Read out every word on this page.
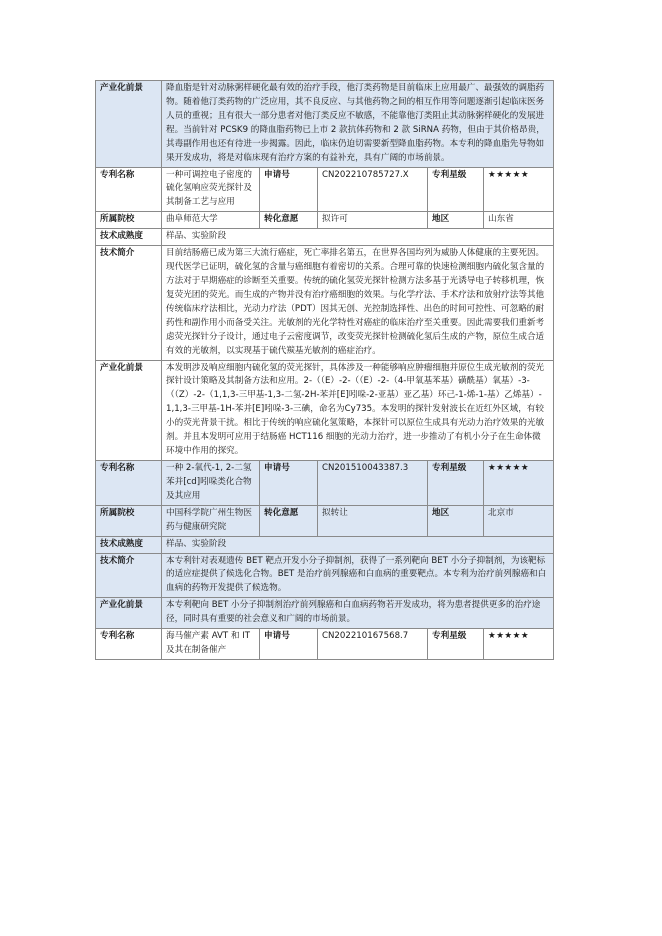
产业化前景	降血脂是针对动脉粥样硬化最有效的治疗手段，他汀类药物是目前临床上应用最广、最强效的调脂药物。随着他汀类药物的广泛应用，其不良反应、与其他药物之间的相互作用等问题逐渐引起临床医务人员的重视；且有很大一部分患者对他汀类反应不敏感，不能靠他汀类阻止其动脉粥样硬化的发展进程。当前针对 PCSK9 的降血脂药物已上市 2 款抗体药物和 2 款 SiRNA 药物，但由于其价格昂贵，其毒副作用也还有待进一步揭露。因此，临床仍迫切需要新型降血脂药物。本专利的降血脂先导物如果开发成功，将是对临床现有治疗方案的有益补充，具有广阔的市场前景。				
专利名称	一种可调控电子密度的硫化氢响应荧光探针及其制备工艺与应用	申请号	CN202210785727.X	专利星级	★★★★★
所属院校	曲阜师范大学	转化意愿	拟许可	地区	山东省
技术成熟度	样品、实验阶段				
技术简介	目前结肠癌已成为第三大流行癌症，死亡率排名第五，在世界各国均列为威胁人体健康的主要死因。现代医学已证明，硫化氢的含量与癌细胞有着密切的关系。合理可靠的快速检测细胞内硫化氢含量的方法对于早期癌症的诊断至关重要。传统的硫化氢荧光探针检测方法多基于光诱导电子转移机理，恢复荧光团的荧光。而生成的产物并没有治疗癌细胞的效果。与化学疗法、手术疗法和放射疗法等其他传统临床疗法相比，光动力疗法（PDT）因其无创、光控制选择性、出色的时间可控性、可忽略的耐药性和副作用小而备受关注。光敏剂的光化学特性对癌症的临床治疗至关重要。因此需要我们重新考虑荧光探针分子设计，通过电子云密度调节，改变荧光探针检测硫化氢后生成的产物，原位生成合适有效的光敏剂，以实现基于硫代羰基光敏剂的癌症治疗。				
产业化前景	本发明涉及响应细胞内硫化氢的荧光探针，具体涉及一种能够响应肿瘤细胞并原位生成光敏剂的荧光探针设计策略及其制备方法和应用。2-（（E）-2-（（E）-2-（4-甲氧基苯基）磺酰基）氧基）-3-（（Z）-2-（1,1,3-三甲基-1,3-二氢-2H-苯并[E]吲哚-2-亚基）亚乙基）环己-1-烯-1-基）乙烯基）-1,1,3-三甲基-1H-苯并[E]吲哚-3-三碘，命名为Cy735。本发明的探针发射波长在近红外区域，有较小的荧光背景干扰。相比于传统的响应硫化氢策略，本探针可以原位生成具有光动力治疗效果的光敏剂。并且本发明可应用于结肠癌 HCT116 细胞的光动力治疗，进一步推动了有机小分子在生命体微环境中作用的探究。				
专利名称	一种 2-氧代-1, 2-二氢苯并[cd]吲哚类化合物及其应用	申请号	CN201510043387.3	专利星级	★★★★★
所属院校	中国科学院广州生物医药与健康研究院	转化意愿	拟转让	地区	北京市
技术成熟度	样品、实验阶段				
技术简介	本专利针对表观遗传 BET 靶点开发小分子抑制剂，获得了一系列靶向 BET 小分子抑制剂，为该靶标的适应症提供了候选化合物。BET 是治疗前列腺癌和白血病的重要靶点。本专利为治疗前列腺癌和白血病的药物开发提供了候选物。				
产业化前景	本专利靶向 BET 小分子抑制剂治疗前列腺癌和白血病药物若开发成功，将为患者提供更多的治疗途径，同时具有重要的社会意义和广阔的市场前景。				
专利名称	海马催产素 AVT 和 IT 及其在制备催产	申请号	CN202210167568.7	专利星级	★★★★★
